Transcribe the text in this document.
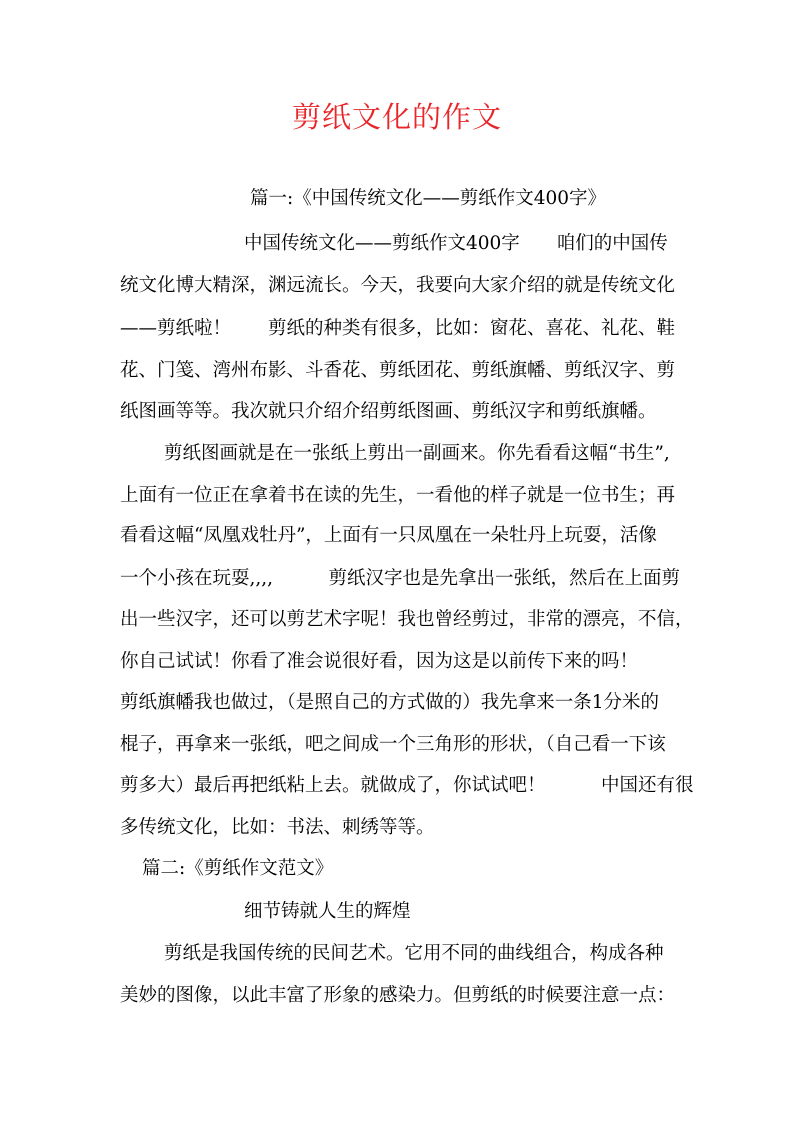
剪纸文化的作文
篇一:《中国传统文化——剪纸作文400字》
中国传统文化——剪纸作文400字　　咱们的中国传
统文化博大精深，渊远流长。今天，我要向大家介绍的就是传统文化
——剪纸啦！　　剪纸的种类有很多，比如：窗花、喜花、礼花、鞋
花、门笺、湾州布影、斗香花、剪纸团花、剪纸旗幡、剪纸汉字、剪
纸图画等等。我次就只介绍介绍剪纸图画、剪纸汉字和剪纸旗幡。
剪纸图画就是在一张纸上剪出一副画来。你先看看这幅“书生”,
上面有一位正在拿着书在读的先生，一看他的样子就是一位书生；再
看看这幅“凤凰戏牡丹”，上面有一只凤凰在一朵牡丹上玩耍，活像
一个小孩在玩耍,,,,　　　剪纸汉字也是先拿出一张纸，然后在上面剪
出一些汉字，还可以剪艺术字呢！我也曾经剪过，非常的漂亮，不信，
你自己试试！你看了准会说很好看，因为这是以前传下来的吗！
剪纸旗幡我也做过，（是照自己的方式做的）我先拿来一条1分米的
棍子，再拿来一张纸，吧之间成一个三角形的形状，（自己看一下该
剪多大）最后再把纸粘上去。就做成了，你试试吧！　　　中国还有很
多传统文化，比如：书法、刺绣等等。
篇二:《剪纸作文范文》
细节铸就人生的辉煌
剪纸是我国传统的民间艺术。它用不同的曲线组合，构成各种
美妙的图像，以此丰富了形象的感染力。但剪纸的时候要注意一点：
